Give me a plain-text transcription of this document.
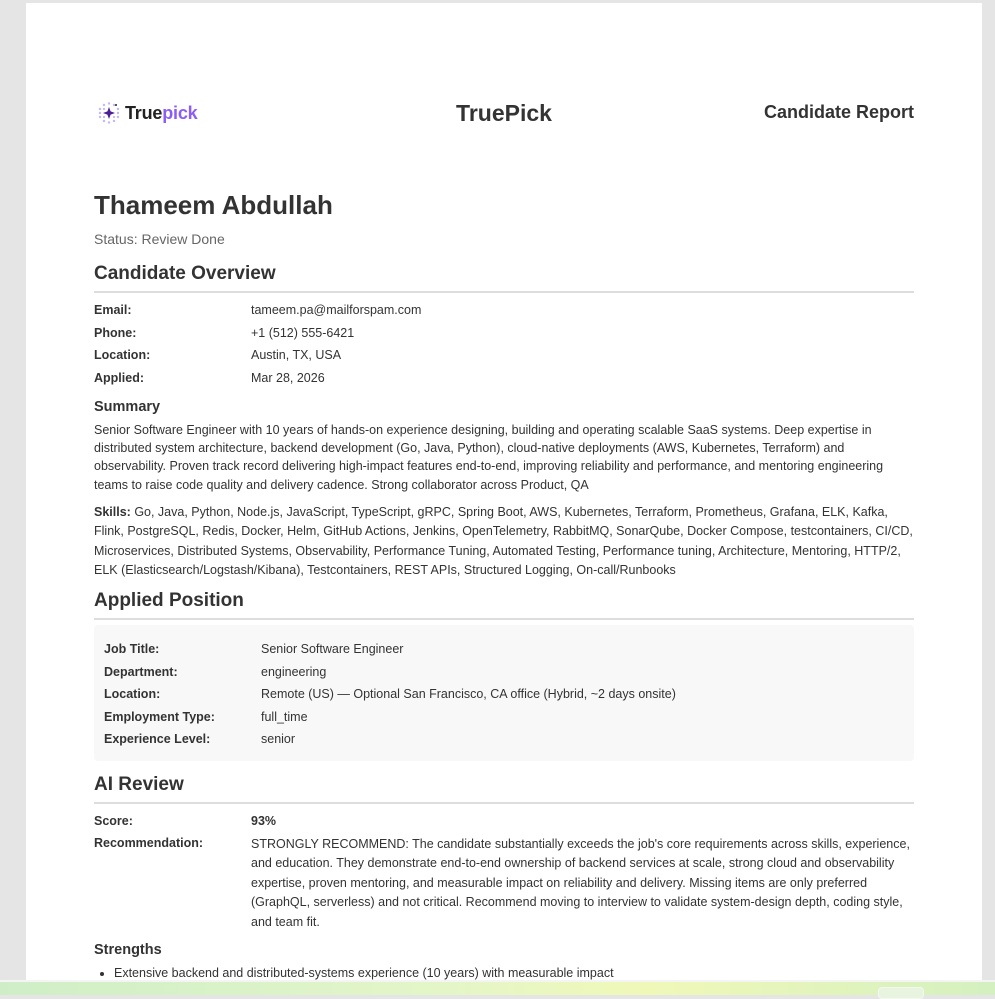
Truepick	TruePick	Candidate Report
Thameem Abdullah
Status: Review Done
Candidate Overview
Email:	tameem.pa@mailforspam.com
Phone:	+1 (512) 555-6421
Location:	Austin, TX, USA
Applied:	Mar 28, 2026
Summary
Senior Software Engineer with 10 years of hands-on experience designing, building and operating scalable SaaS systems. Deep expertise in distributed system architecture, backend development (Go, Java, Python), cloud-native deployments (AWS, Kubernetes, Terraform) and observability. Proven track record delivering high-impact features end-to-end, improving reliability and performance, and mentoring engineering teams to raise code quality and delivery cadence. Strong collaborator across Product, QA
Skills: Go, Java, Python, Node.js, JavaScript, TypeScript, gRPC, Spring Boot, AWS, Kubernetes, Terraform, Prometheus, Grafana, ELK, Kafka, Flink, PostgreSQL, Redis, Docker, Helm, GitHub Actions, Jenkins, OpenTelemetry, RabbitMQ, SonarQube, Docker Compose, testcontainers, CI/CD, Microservices, Distributed Systems, Observability, Performance Tuning, Automated Testing, Performance tuning, Architecture, Mentoring, HTTP/2, ELK (Elasticsearch/Logstash/Kibana), Testcontainers, REST APIs, Structured Logging, On-call/Runbooks
Applied Position
Job Title:	Senior Software Engineer
Department:	engineering
Location:	Remote (US) — Optional San Francisco, CA office (Hybrid, ~2 days onsite)
Employment Type:	full_time
Experience Level:	senior
AI Review
Score:	93%
Recommendation:	STRONGLY RECOMMEND: The candidate substantially exceeds the job's core requirements across skills, experience, and education. They demonstrate end-to-end ownership of backend services at scale, strong cloud and observability expertise, proven mentoring, and measurable impact on reliability and delivery. Missing items are only preferred (GraphQL, serverless) and not critical. Recommend moving to interview to validate system-design depth, coding style, and team fit.
Strengths
• Extensive backend and distributed-systems experience (10 years) with measurable impact
